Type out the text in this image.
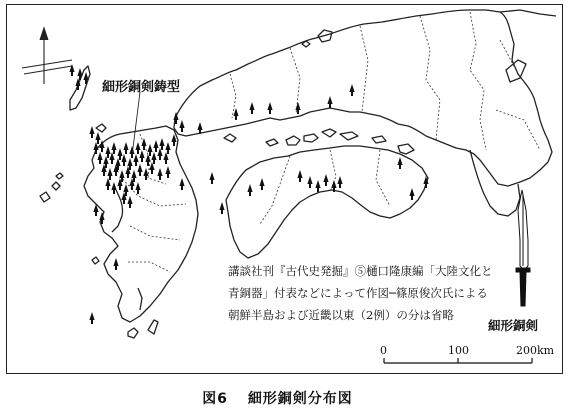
細形銅剣鋳型
講談社刊『古代史発掘』⑤樋口隆康編「大陸文化と
青銅器」付表などによって作図─篠原俊次氏による
朝鮮半島および近畿以東（2例）の分は省略
細形銅剣
0	100	200km
図6 細形銅剣分布図
